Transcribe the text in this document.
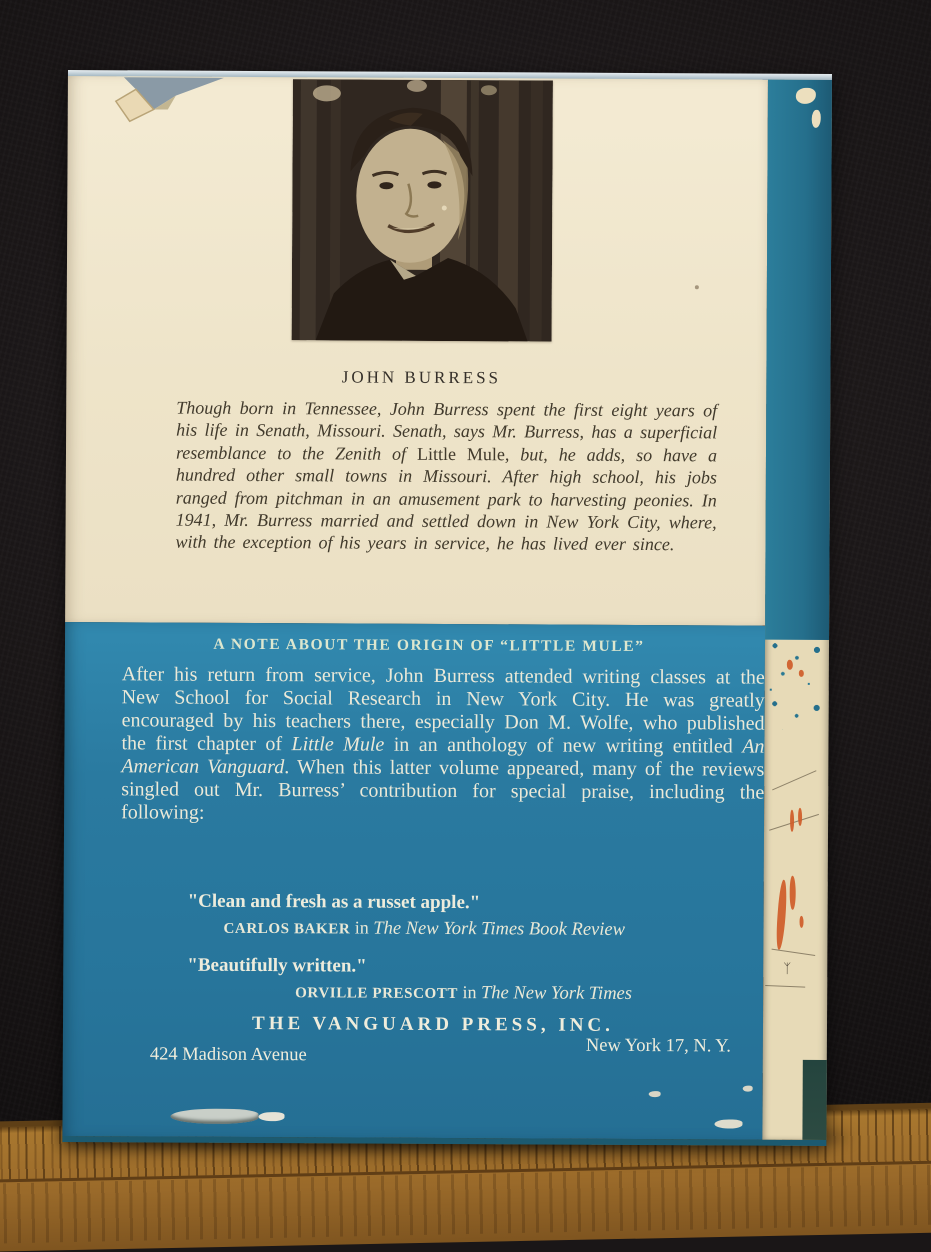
ᛉ
JOHN BURRESS
Though born in Tennessee, John Burress spent the first eight years of his life in Senath, Missouri. Senath, says Mr. Burress, has a superficial resemblance to the Zenith of Little Mule, but, he adds, so have a hundred other small towns in Missouri. After high school, his jobs ranged from pitchman in an amusement park to harvesting peonies. In 1941, Mr. Burress married and settled down in New York City, where, with the exception of his years in service, he has lived ever since.
A NOTE ABOUT THE ORIGIN OF “LITTLE MULE”
After his return from service, John Burress attended writing classes at the New School for Social Research in New York City. He was greatly encouraged by his teachers there, especially Don M. Wolfe, who published the first chapter of Little Mule in an anthology of new writing entitled An American Vanguard. When this latter volume appeared, many of the reviews singled out Mr. Burress’ contribution for special praise, including the following:
"Clean and fresh as a russet apple."
CARLOS BAKER in The New York Times Book Review
"Beautifully written."
ORVILLE PRESCOTT in The New York Times
THE VANGUARD PRESS, INC.
New York 17, N. Y.
424 Madison Avenue
